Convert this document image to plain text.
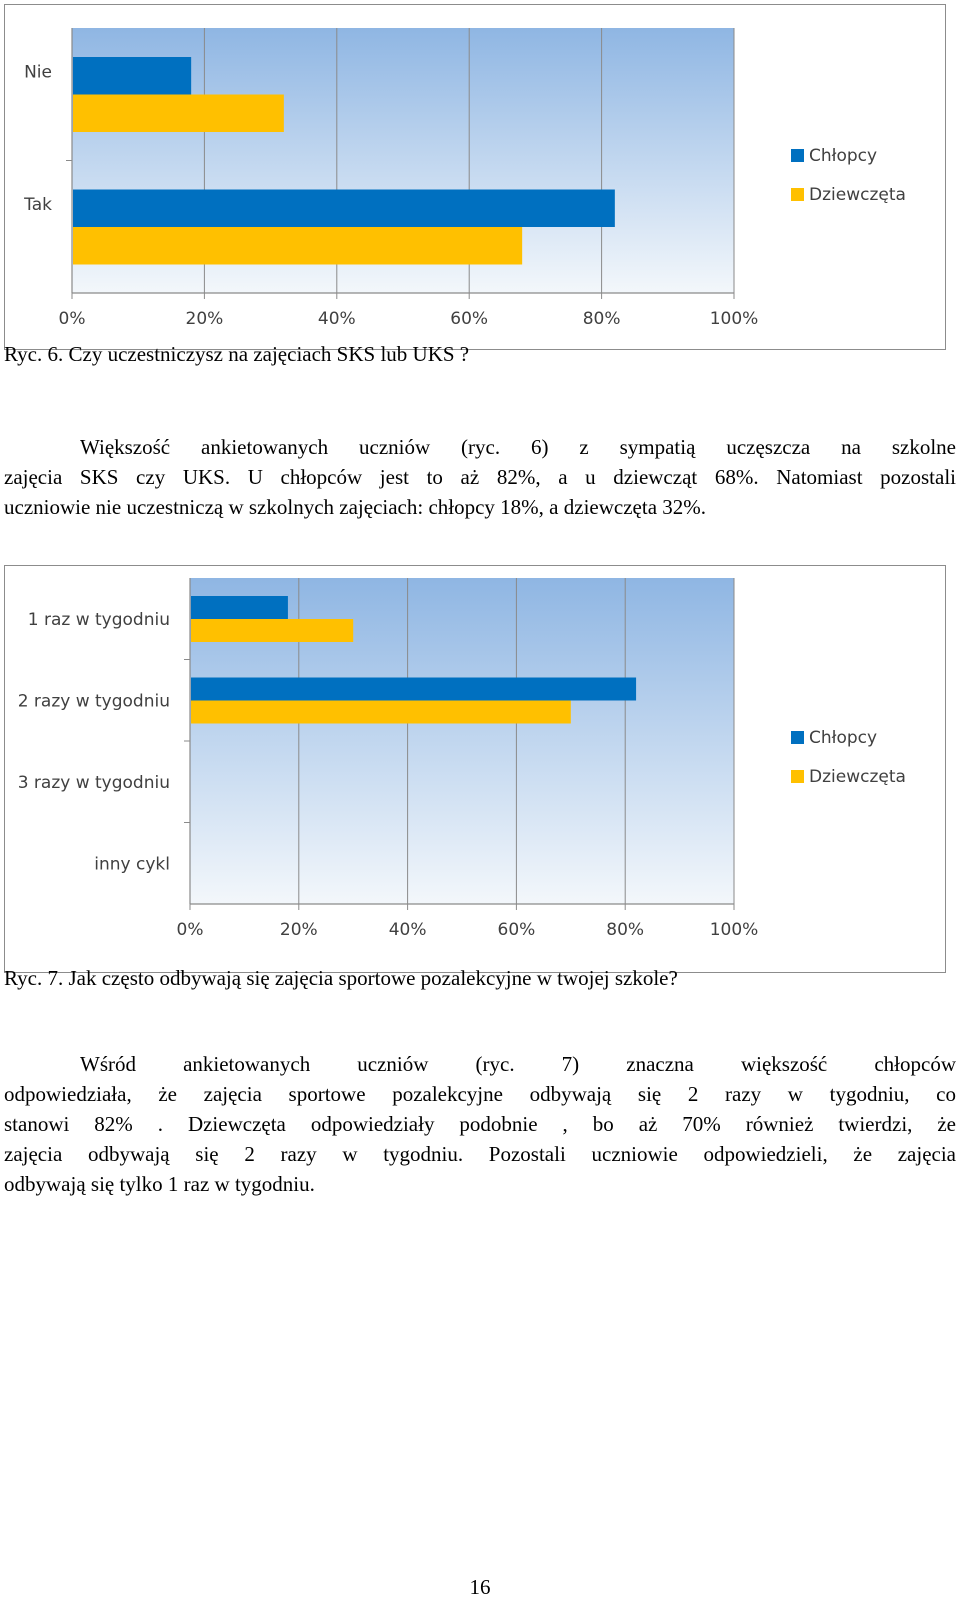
0%	20%	40%	60%	80%	100%
Nie
Tak
Chłopcy
Dziewczęta
Ryc. 6. Czy uczestniczysz na zajęciach SKS lub UKS ?
Większość ankietowanych uczniów (ryc. 6) z sympatią uczęszcza na szkolne
zajęcia SKS czy UKS. U chłopców jest to aż 82%, a u dziewcząt 68%. Natomiast pozostali
uczniowie nie uczestniczą w szkolnych zajęciach: chłopcy 18%, a dziewczęta 32%.
0%	20%	40%	60%	80%	100%
1 raz w tygodniu
2 razy w tygodniu
3 razy w tygodniu
inny cykl
Chłopcy
Dziewczęta
Ryc. 7. Jak często odbywają się zajęcia sportowe pozalekcyjne w twojej szkole?
Wśród ankietowanych uczniów (ryc. 7) znaczna większość chłopców
odpowiedziała, że zajęcia sportowe pozalekcyjne odbywają się 2 razy w tygodniu, co
stanowi 82% . Dziewczęta odpowiedziały podobnie , bo aż 70% również twierdzi, że
zajęcia odbywają się 2 razy w tygodniu. Pozostali uczniowie odpowiedzieli, że zajęcia
odbywają się tylko 1 raz w tygodniu.
16
